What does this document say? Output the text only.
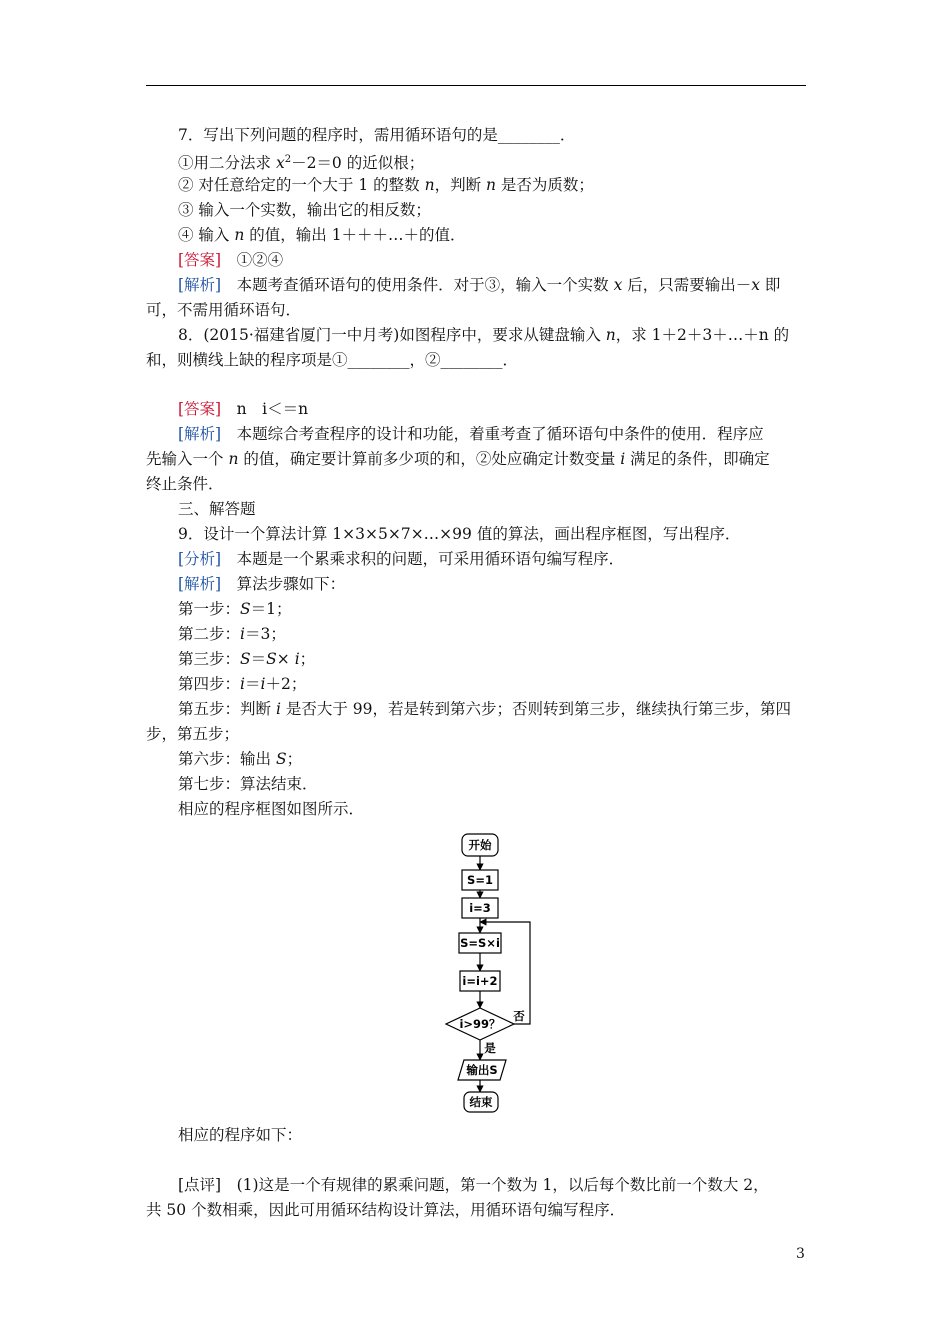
7．写出下列问题的程序时，需用循环语句的是________．
①用二分法求 $x^2-2=0$ 的近似根；
② 对任意给定的一个大于 1 的整数 n，判断 n 是否为质数；
③ 输入一个实数，输出它的相反数；
④ 输入 n 的值，输出 1＋＋＋…＋的值．
[答案]　 ①②④
[解析]　 本题考查循环语句的使用条件．对于③，输入一个实数 x 后，只需要输出－x 即
可，不需用循环语句．
8．(2015·福建省厦门一中月考)如图程序中，要求从键盘输入 n，求 1＋2＋3＋…＋n 的
和，则横线上缺的程序项是①________，②________．
[答案]　 n　i＜＝n
[解析]　 本题综合考查程序的设计和功能，着重考查了循环语句中条件的使用．程序应
先输入一个 n 的值，确定要计算前多少项的和，②处应确定计数变量 i 满足的条件，即确定
终止条件．
三、解答题
9．设计一个算法计算 1×3×5×7×…×99 值的算法，画出程序框图，写出程序．
[分析]　 本题是一个累乘求积的问题，可采用循环语句编写程序．
[解析]　 算法步骤如下：
第一步：S＝1；
第二步：i＝3；
第三步：S＝S× i；
第四步：i＝i＋2；
第五步：判断 i 是否大于 99，若是转到第六步；否则转到第三步，继续执行第三步，第四
步，第五步；
第六步：输出 S；
第七步：算法结束．
相应的程序框图如图所示．
开始
S=1
i=3
S=S×i
i=i+2
i>99？
否
是
输出S
结束
相应的程序如下：
[点评]　 (1)这是一个有规律的累乘问题，第一个数为 1，以后每个数比前一个数大 2，
共 50 个数相乘，因此可用循环结构设计算法，用循环语句编写程序．
3
